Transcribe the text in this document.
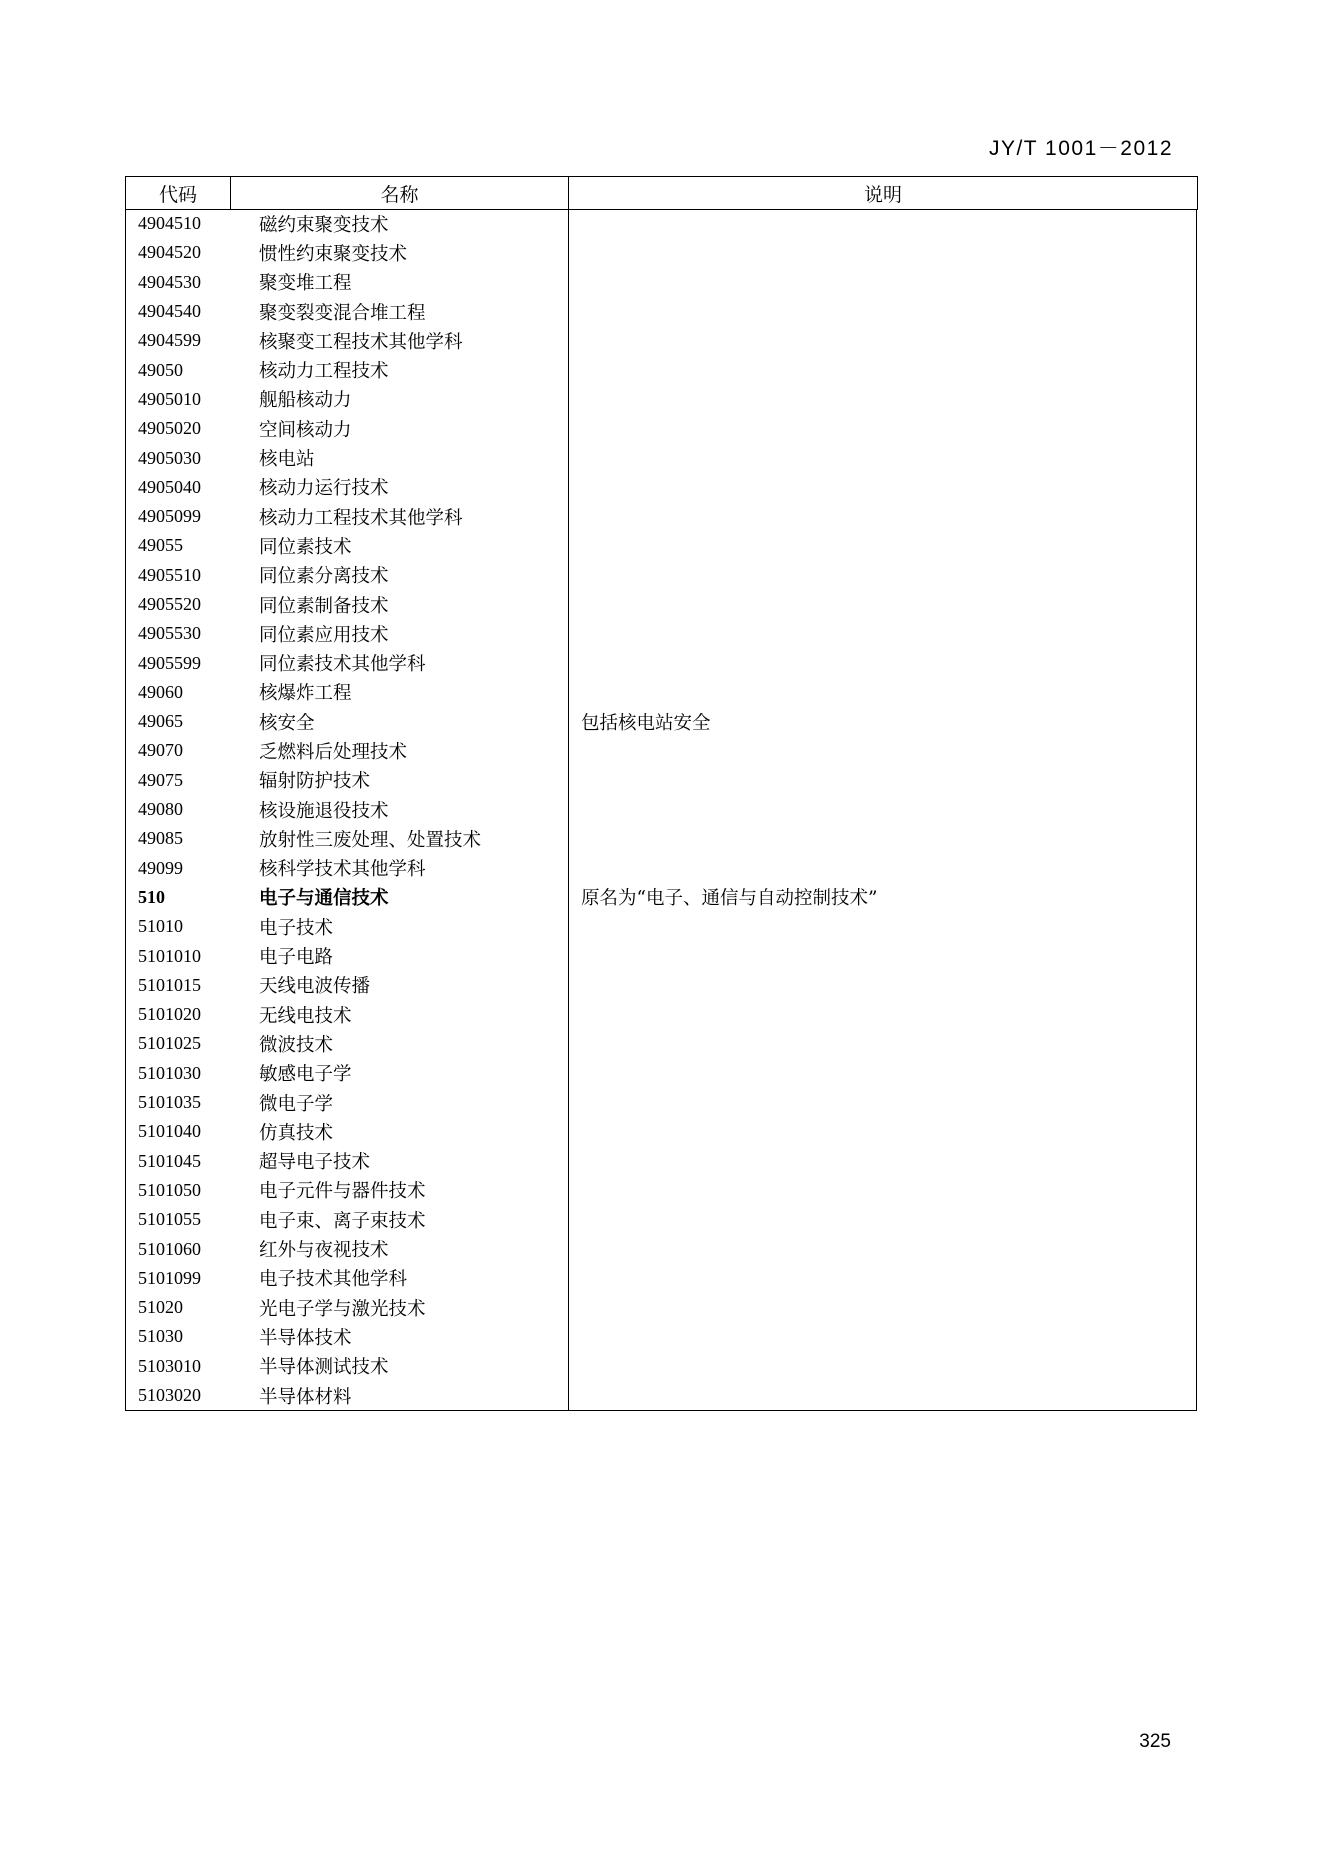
JY/T 1001－2012
代码	名称	说明
4904510	磁约束聚变技术
4904520	惯性约束聚变技术
4904530	聚变堆工程
4904540	聚变裂变混合堆工程
4904599	核聚变工程技术其他学科
49050	核动力工程技术
4905010	舰船核动力
4905020	空间核动力
4905030	核电站
4905040	核动力运行技术
4905099	核动力工程技术其他学科
49055	同位素技术
4905510	同位素分离技术
4905520	同位素制备技术
4905530	同位素应用技术
4905599	同位素技术其他学科
49060	核爆炸工程
49065	核安全	包括核电站安全
49070	乏燃料后处理技术
49075	辐射防护技术
49080	核设施退役技术
49085	放射性三废处理、处置技术
49099	核科学技术其他学科
510	电子与通信技术	原名为“电子、通信与自动控制技术”
51010	电子技术
5101010	电子电路
5101015	天线电波传播
5101020	无线电技术
5101025	微波技术
5101030	敏感电子学
5101035	微电子学
5101040	仿真技术
5101045	超导电子技术
5101050	电子元件与器件技术
5101055	电子束、离子束技术
5101060	红外与夜视技术
5101099	电子技术其他学科
51020	光电子学与激光技术
51030	半导体技术
5103010	半导体测试技术
5103020	半导体材料
325
